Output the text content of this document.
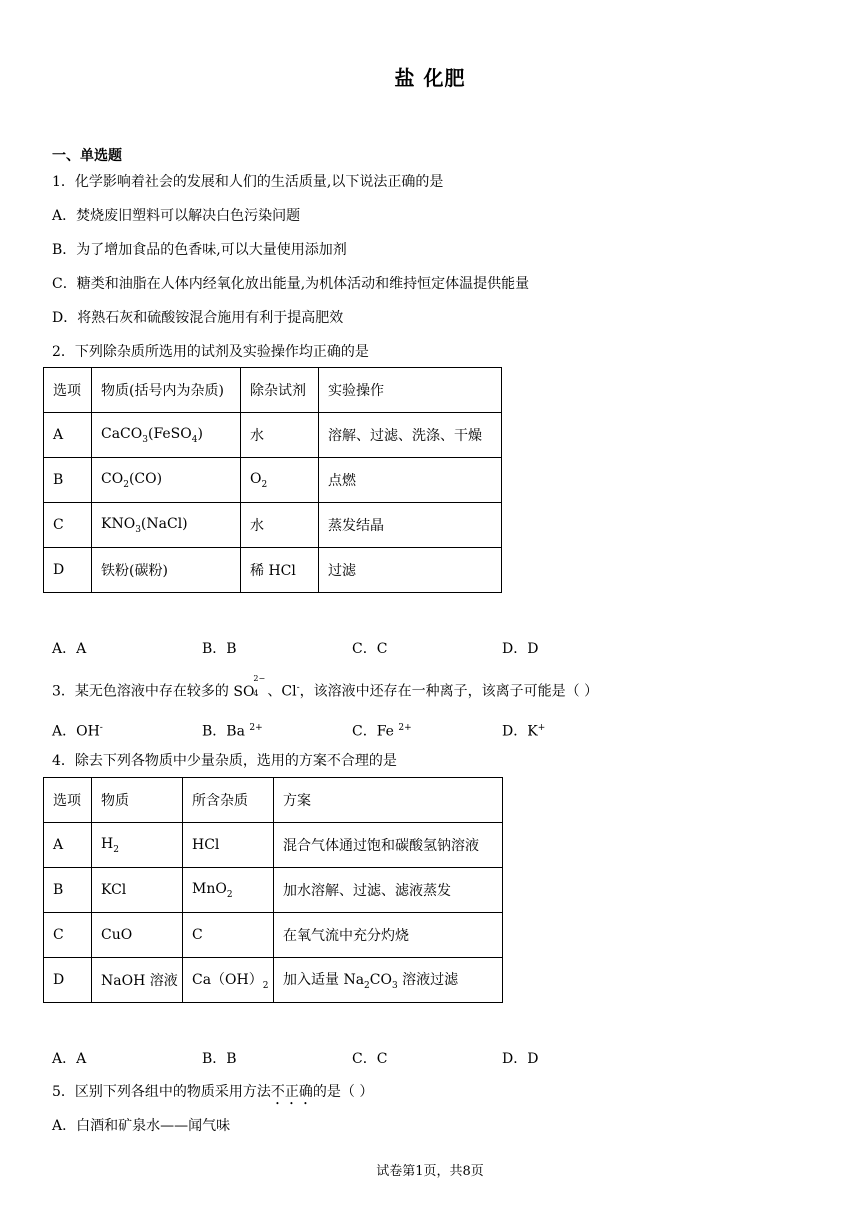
盐 化肥
一、单选题
1．化学影响着社会的发展和人们的生活质量,以下说法正确的是
A．焚烧废旧塑料可以解决白色污染问题
B．为了增加食品的色香味,可以大量使用添加剂
C．糖类和油脂在人体内经氧化放出能量,为机体活动和维持恒定体温提供能量
D．将熟石灰和硫酸铵混合施用有利于提高肥效
2．下列除杂质所选用的试剂及实验操作均正确的是
选项	物质(括号内为杂质)	除杂试剂	实验操作
A	CaCO$_3$(FeSO$_4$)	水	溶解、过滤、洗涤、干燥
B	$CO_2(CO)$	$O_2$	点燃
C	$KNO_3(NaCl)$	水	蒸发结晶
D	铁粉(碳粉)	稀 HCl	过滤
A．A	B．B	C．C	D．D
3．某无色溶液中存在较多的 SO
2−
4 、Cl-，该溶液中还存在一种离子，该离子可能是（ ）
A．OH-	B．Ba $^{2+}$	C．Fe $^{2+}$	D．K+
4．除去下列各物质中少量杂质，选用的方案不合理的是
选项	物质	所含杂质	方案
A	$H_2$	HCl	混合气体通过饱和碳酸氢钠溶液
B	KCl	MnO$_2$	加水溶解、过滤、滤液蒸发
C	CuO	C	在氧气流中充分灼烧
D	NaOH 溶液	$Ca(OH)_2$	加入适量 $Na_2CO_3$ 溶液过滤
A．A	B．B	C．C	D．D
5．区别下列各组中的物质采用方法不正确的是（ ）
A．白酒和矿泉水——闻气味
试卷第1页，共8页
